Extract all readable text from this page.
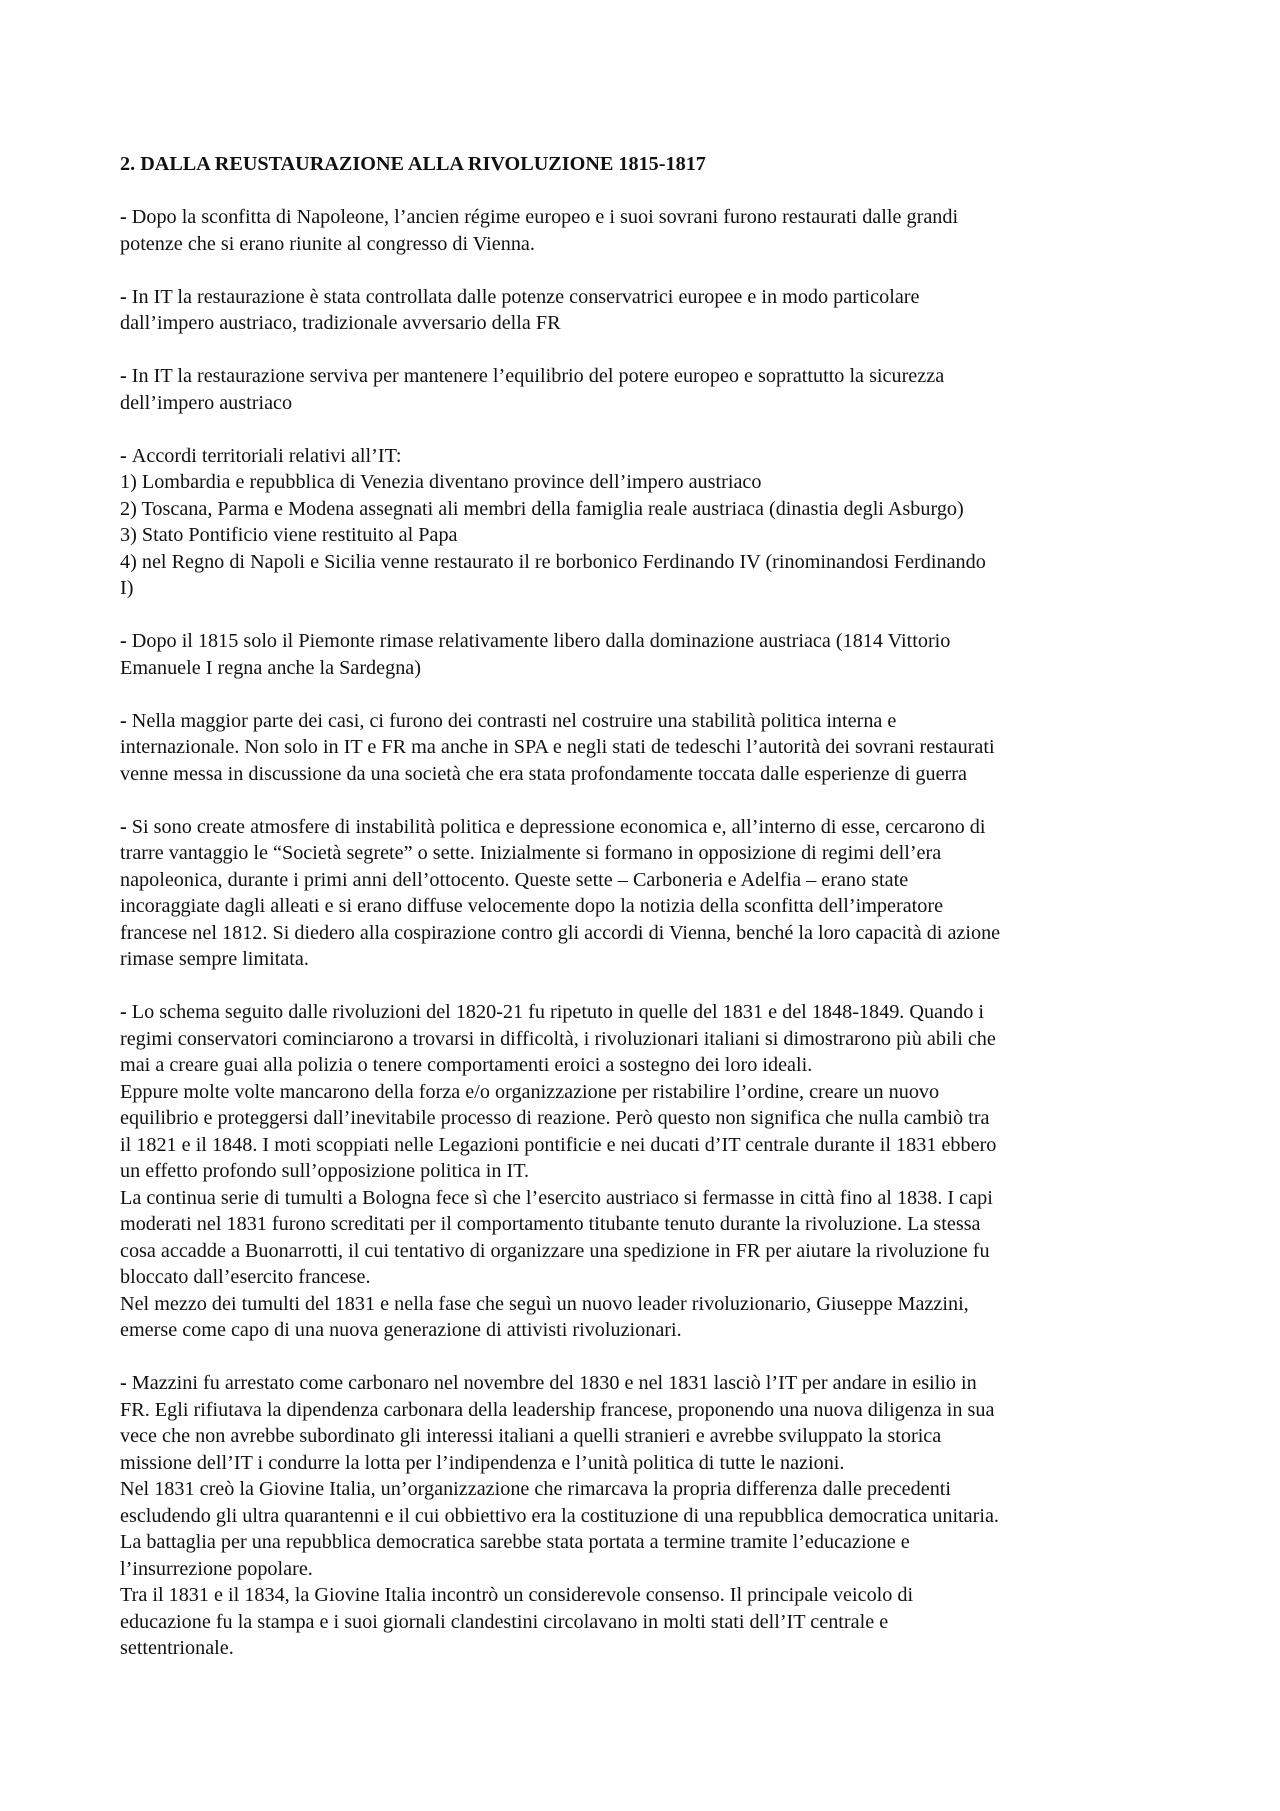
2. DALLA REUSTAURAZIONE ALLA RIVOLUZIONE 1815-1817
- Dopo la sconfitta di Napoleone, l’ancien régime europeo e i suoi sovrani furono restaurati dalle grandi
potenze che si erano riunite al congresso di Vienna.
- In IT la restaurazione è stata controllata dalle potenze conservatrici europee e in modo particolare
dall’impero austriaco, tradizionale avversario della FR
- In IT la restaurazione serviva per mantenere l’equilibrio del potere europeo e soprattutto la sicurezza
dell’impero austriaco
- Accordi territoriali relativi all’IT:
1) Lombardia e repubblica di Venezia diventano province dell’impero austriaco
2) Toscana, Parma e Modena assegnati ali membri della famiglia reale austriaca (dinastia degli Asburgo)
3) Stato Pontificio viene restituito al Papa
4) nel Regno di Napoli e Sicilia venne restaurato il re borbonico Ferdinando IV (rinominandosi Ferdinando
I)
- Dopo il 1815 solo il Piemonte rimase relativamente libero dalla dominazione austriaca (1814 Vittorio
Emanuele I regna anche la Sardegna)
- Nella maggior parte dei casi, ci furono dei contrasti nel costruire una stabilità politica interna e
internazionale. Non solo in IT e FR ma anche in SPA e negli stati de tedeschi l’autorità dei sovrani restaurati
venne messa in discussione da una società che era stata profondamente toccata dalle esperienze di guerra
- Si sono create atmosfere di instabilità politica e depressione economica e, all’interno di esse, cercarono di
trarre vantaggio le “Società segrete” o sette. Inizialmente si formano in opposizione di regimi dell’era
napoleonica, durante i primi anni dell’ottocento. Queste sette – Carboneria e Adelfia – erano state
incoraggiate dagli alleati e si erano diffuse velocemente dopo la notizia della sconfitta dell’imperatore
francese nel 1812. Si diedero alla cospirazione contro gli accordi di Vienna, benché la loro capacità di azione
rimase sempre limitata.
- Lo schema seguito dalle rivoluzioni del 1820-21 fu ripetuto in quelle del 1831 e del 1848-1849. Quando i
regimi conservatori cominciarono a trovarsi in difficoltà, i rivoluzionari italiani si dimostrarono più abili che
mai a creare guai alla polizia o tenere comportamenti eroici a sostegno dei loro ideali.
Eppure molte volte mancarono della forza e/o organizzazione per ristabilire l’ordine, creare un nuovo
equilibrio e proteggersi dall’inevitabile processo di reazione. Però questo non significa che nulla cambiò tra
il 1821 e il 1848. I moti scoppiati nelle Legazioni pontificie e nei ducati d’IT centrale durante il 1831 ebbero
un effetto profondo sull’opposizione politica in IT.
La continua serie di tumulti a Bologna fece sì che l’esercito austriaco si fermasse in città fino al 1838. I capi
moderati nel 1831 furono screditati per il comportamento titubante tenuto durante la rivoluzione. La stessa
cosa accadde a Buonarrotti, il cui tentativo di organizzare una spedizione in FR per aiutare la rivoluzione fu
bloccato dall’esercito francese.
Nel mezzo dei tumulti del 1831 e nella fase che seguì un nuovo leader rivoluzionario, Giuseppe Mazzini,
emerse come capo di una nuova generazione di attivisti rivoluzionari.
- Mazzini fu arrestato come carbonaro nel novembre del 1830 e nel 1831 lasciò l’IT per andare in esilio in
FR. Egli rifiutava la dipendenza carbonara della leadership francese, proponendo una nuova diligenza in sua
vece che non avrebbe subordinato gli interessi italiani a quelli stranieri e avrebbe sviluppato la storica
missione dell’IT i condurre la lotta per l’indipendenza e l’unità politica di tutte le nazioni.
Nel 1831 creò la Giovine Italia, un’organizzazione che rimarcava la propria differenza dalle precedenti
escludendo gli ultra quarantenni e il cui obbiettivo era la costituzione di una repubblica democratica unitaria.
La battaglia per una repubblica democratica sarebbe stata portata a termine tramite l’educazione e
l’insurrezione popolare.
Tra il 1831 e il 1834, la Giovine Italia incontrò un considerevole consenso. Il principale veicolo di
educazione fu la stampa e i suoi giornali clandestini circolavano in molti stati dell’IT centrale e
settentrionale.
